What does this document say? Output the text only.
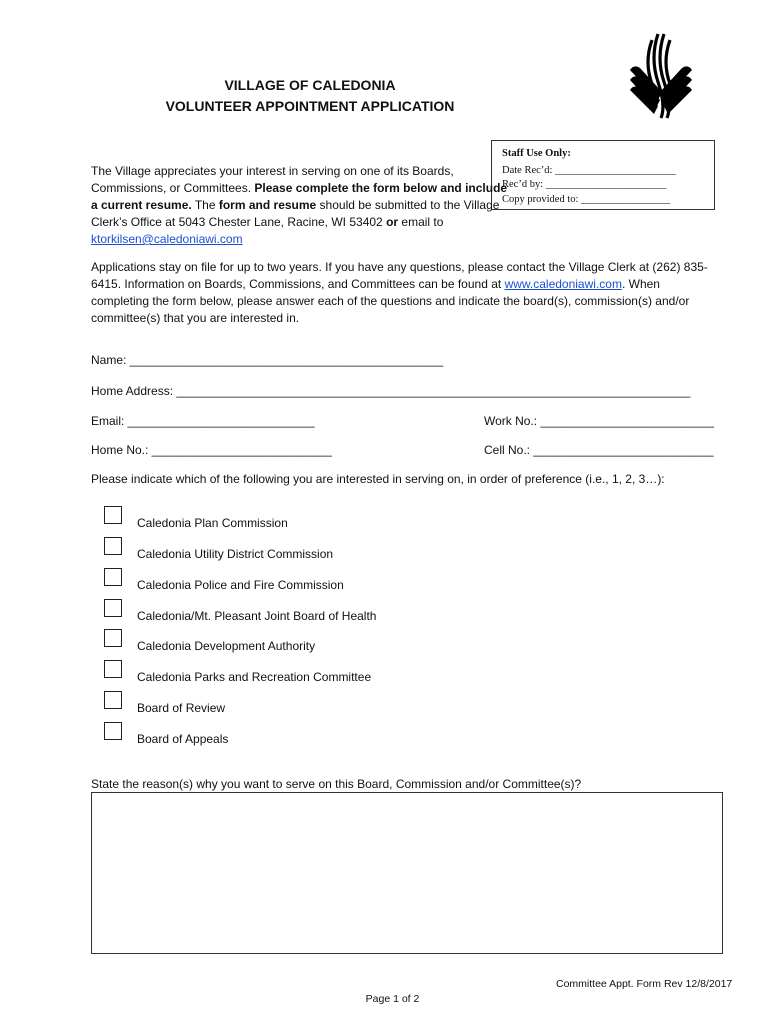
VILLAGE OF CALEDONIA
VOLUNTEER APPOINTMENT APPLICATION
Staff Use Only:
Date Rec’d: _______________________
Rec’d by: _______________________
Copy provided to: _________________
The Village appreciates your interest in serving on one of its Boards, Commissions, or Committees. Please complete the form below and include a current resume. The form and resume should be submitted to the Village Clerk’s Office at 5043 Chester Lane, Racine, WI 53402 or email to ktorkilsen@caledoniawi.com
Applications stay on file for up to two years. If you have any questions, please contact the Village Clerk at (262) 835-6415. Information on Boards, Commissions, and Committees can be found at www.caledoniawi.com. When completing the form below, please answer each of the questions and indicate the board(s), commission(s) and/or committee(s) that you are interested in.
Name: _______________________________________________
Home Address: _____________________________________________________________________________
Email: ____________________________	Work No.: __________________________
Home No.: ___________________________	Cell No.: ___________________________
Please indicate which of the following you are interested in serving on, in order of preference (i.e., 1, 2, 3…):
Caledonia Plan Commission
Caledonia Utility District Commission
Caledonia Police and Fire Commission
Caledonia/Mt. Pleasant Joint Board of Health
Caledonia Development Authority
Caledonia Parks and Recreation Committee
Board of Review
Board of Appeals
State the reason(s) why you want to serve on this Board, Commission and/or Committee(s)?
Committee Appt. Form Rev 12/8/2017
Page 1 of 2
